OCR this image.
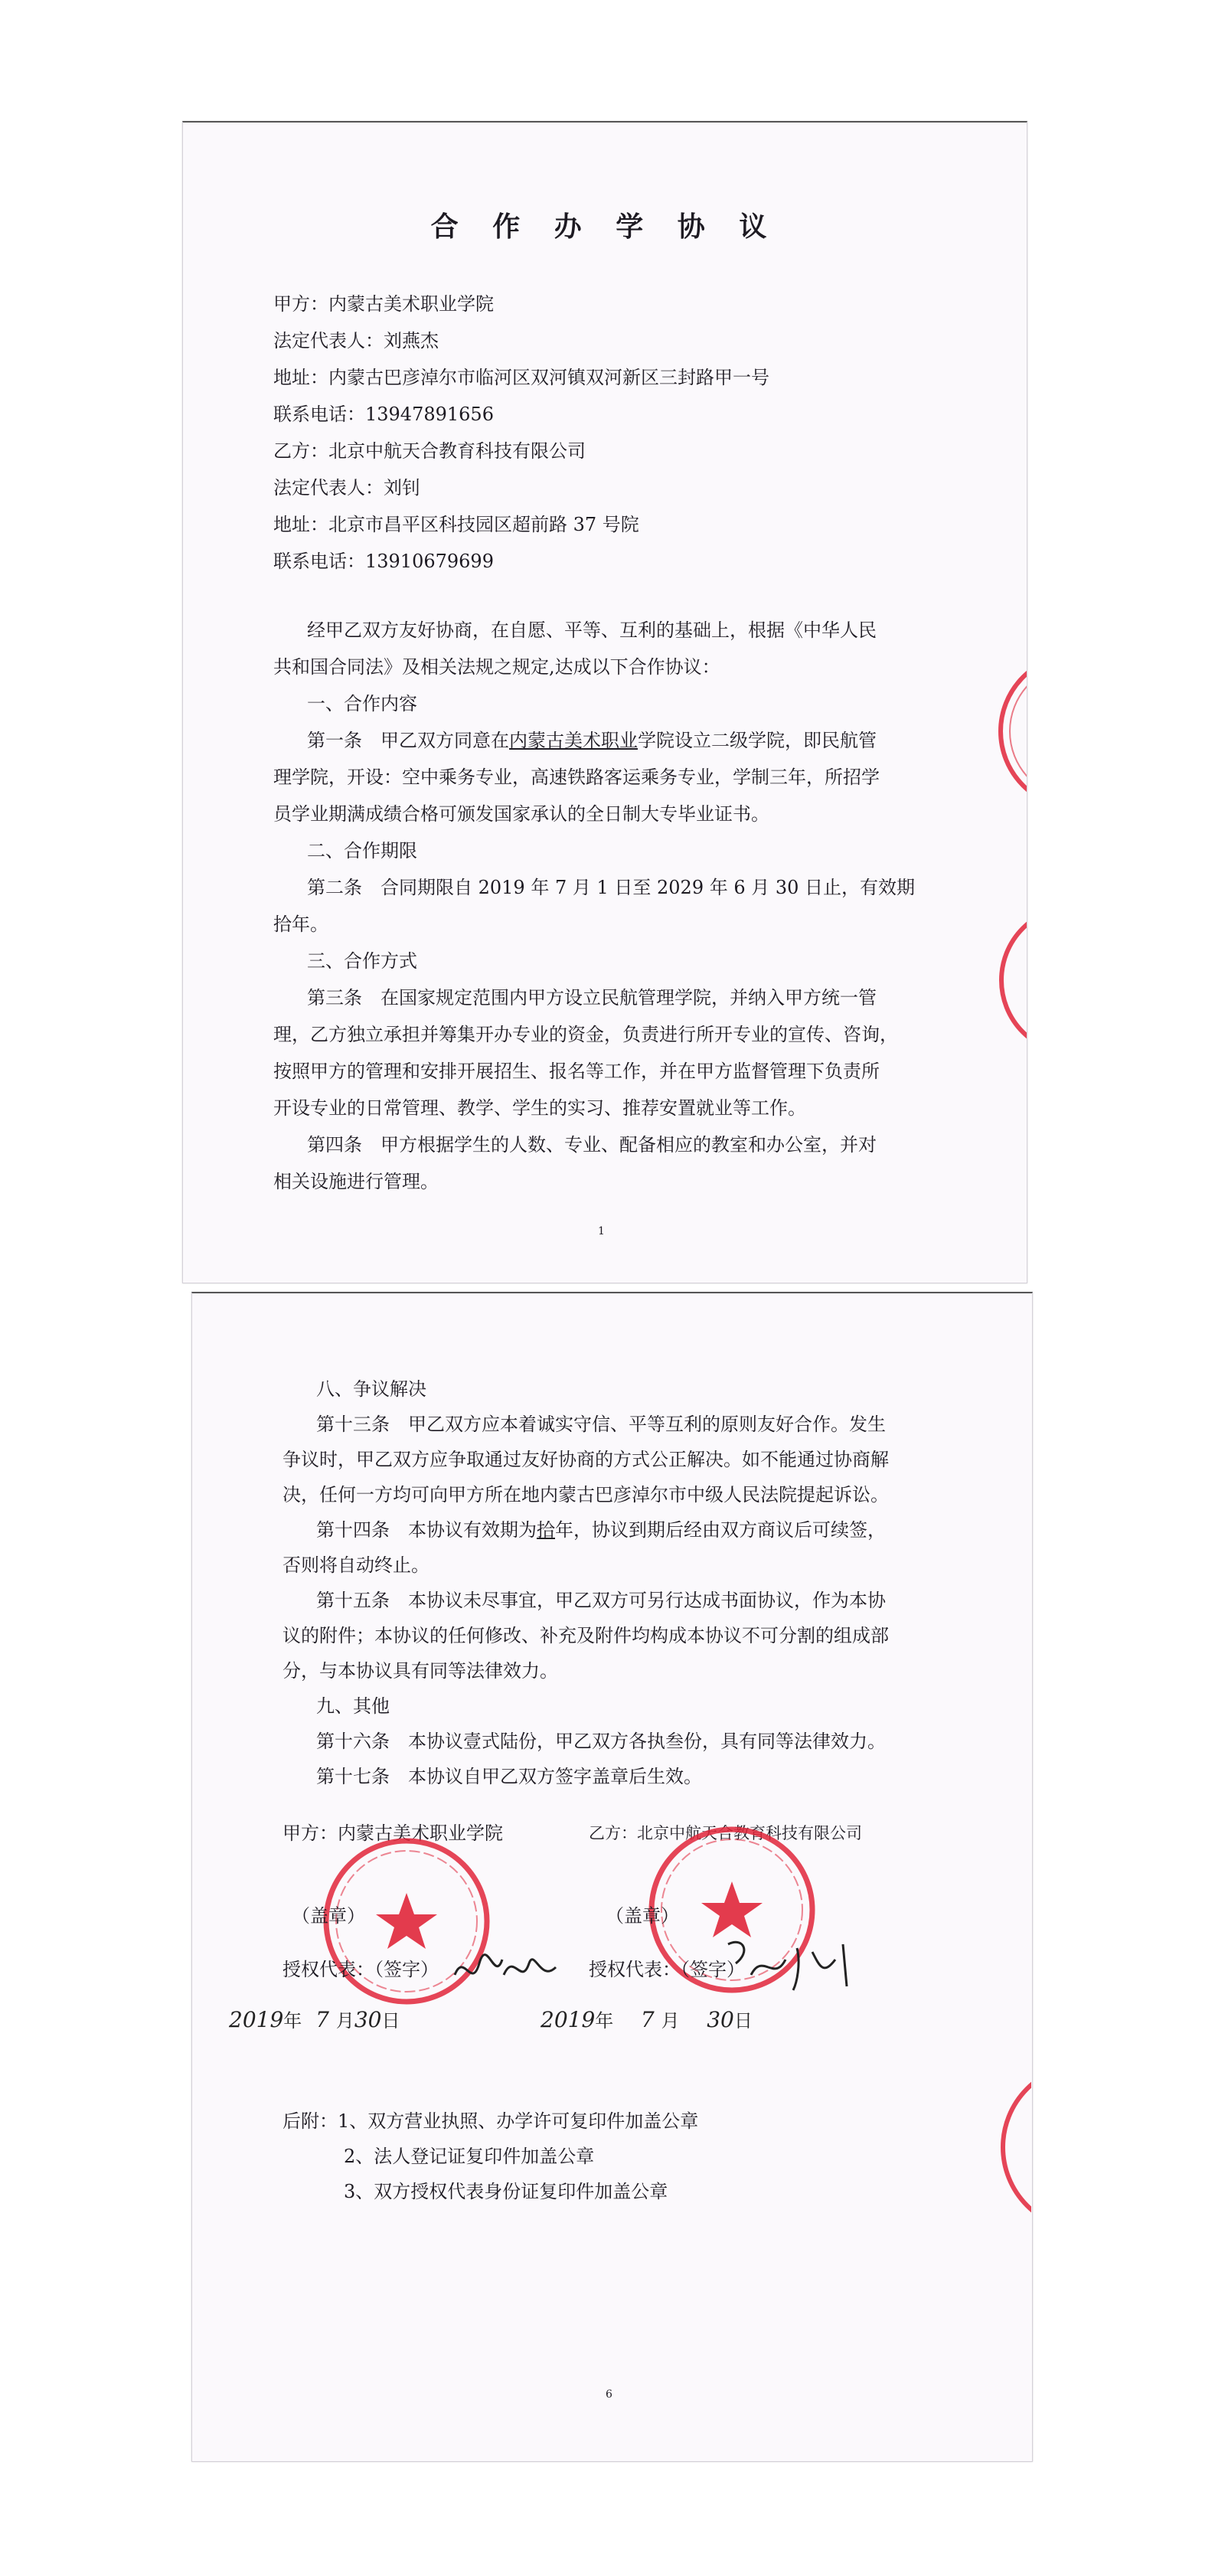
合 作 办 学 协 议
甲方：内蒙古美术职业学院
法定代表人：刘燕杰
地址：内蒙古巴彦淖尔市临河区双河镇双河新区三封路甲一号
联系电话：13947891656
乙方：北京中航天合教育科技有限公司
法定代表人：刘钊
地址：北京市昌平区科技园区超前路 37 号院
联系电话：13910679699
经甲乙双方友好协商，在自愿、平等、互利的基础上，根据《中华人民
共和国合同法》及相关法规之规定,达成以下合作协议：
一、合作内容
第一条　甲乙双方同意在内蒙古美术职业学院设立二级学院，即民航管
理学院，开设：空中乘务专业，高速铁路客运乘务专业，学制三年，所招学
员学业期满成绩合格可颁发国家承认的全日制大专毕业证书。
二、合作期限
第二条　合同期限自 2019 年 7 月 1 日至 2029 年 6 月 30 日止，有效期
拾年。
三、合作方式
第三条　在国家规定范围内甲方设立民航管理学院，并纳入甲方统一管
理，乙方独立承担并筹集开办专业的资金，负责进行所开专业的宣传、咨询，
按照甲方的管理和安排开展招生、报名等工作，并在甲方监督管理下负责所
开设专业的日常管理、教学、学生的实习、推荐安置就业等工作。
第四条　甲方根据学生的人数、专业、配备相应的教室和办公室，并对
相关设施进行管理。
1
八、争议解决
第十三条　甲乙双方应本着诚实守信、平等互利的原则友好合作。发生
争议时，甲乙双方应争取通过友好协商的方式公正解决。如不能通过协商解
决，任何一方均可向甲方所在地内蒙古巴彦淖尔市中级人民法院提起诉讼。
第十四条　本协议有效期为拾年，协议到期后经由双方商议后可续签，
否则将自动终止。
第十五条　本协议未尽事宜，甲乙双方可另行达成书面协议，作为本协
议的附件；本协议的任何修改、补充及附件均构成本协议不可分割的组成部
分，与本协议具有同等法律效力。
九、其他
第十六条　本协议壹式陆份，甲乙双方各执叁份，具有同等法律效力。
第十七条　本协议自甲乙双方签字盖章后生效。
甲方：内蒙古美术职业学院	乙方：北京中航天合教育科技有限公司
（盖章）	（盖章）
授权代表：（签字）	授权代表：（签字）
2019年 7 月30日	2019年 7 月 30日
后附：1、双方营业执照、办学许可复印件加盖公章
2、法人登记证复印件加盖公章
3、双方授权代表身份证复印件加盖公章
6
